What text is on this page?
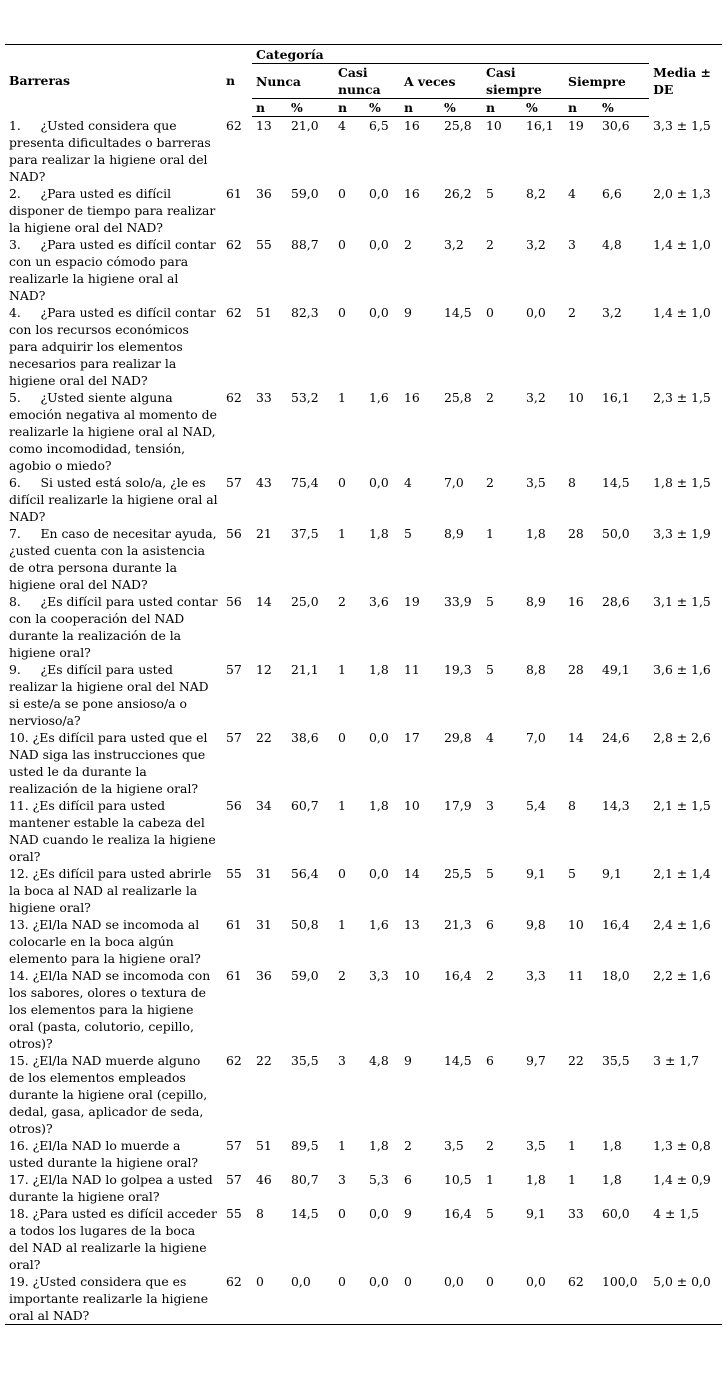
Barreras	n	Categoría										Media ± DE
		Nunca		Casi nunca		A veces		Casi siempre		Siempre		
		n	%	n	%	n	%	n	%	n	%	
1.     ¿Usted considera que presenta dificultades o barreras para realizar la higiene oral del NAD?	62	13	21,0	4	6,5	16	25,8	10	16,1	19	30,6	3,3 ± 1,5
2.     ¿Para usted es difícil disponer de tiempo para realizar la higiene oral del NAD?	61	36	59,0	0	0,0	16	26,2	5	8,2	4	6,6	2,0 ± 1,3
3.     ¿Para usted es difícil contar con un espacio cómodo para realizarle la higiene oral al NAD?	62	55	88,7	0	0,0	2	3,2	2	3,2	3	4,8	1,4 ± 1,0
4.     ¿Para usted es difícil contar con los recursos económicos para adquirir los elementos necesarios para realizar la higiene oral del NAD?	62	51	82,3	0	0,0	9	14,5	0	0,0	2	3,2	1,4 ± 1,0
5.     ¿Usted siente alguna emoción negativa al momento de realizarle la higiene oral al NAD, como incomodidad, tensión, agobio o miedo?	62	33	53,2	1	1,6	16	25,8	2	3,2	10	16,1	2,3 ± 1,5
6.     Si usted está solo/a, ¿le es difícil realizarle la higiene oral al NAD?	57	43	75,4	0	0,0	4	7,0	2	3,5	8	14,5	1,8 ± 1,5
7.     En caso de necesitar ayuda, ¿usted cuenta con la asistencia de otra persona durante la higiene oral del NAD?	56	21	37,5	1	1,8	5	8,9	1	1,8	28	50,0	3,3 ± 1,9
8.     ¿Es difícil para usted contar con la cooperación del NAD durante la realización de la higiene oral?	56	14	25,0	2	3,6	19	33,9	5	8,9	16	28,6	3,1 ± 1,5
9.     ¿Es difícil para usted realizar la higiene oral del NAD si este/a se pone ansioso/a o nervioso/a?	57	12	21,1	1	1,8	11	19,3	5	8,8	28	49,1	3,6 ± 1,6
10. ¿Es difícil para usted que el NAD siga las instrucciones que usted le da durante la realización de la higiene oral?	57	22	38,6	0	0,0	17	29,8	4	7,0	14	24,6	2,8 ± 2,6
11. ¿Es difícil para usted mantener estable la cabeza del NAD cuando le realiza la higiene oral?	56	34	60,7	1	1,8	10	17,9	3	5,4	8	14,3	2,1 ± 1,5
12. ¿Es difícil para usted abrirle la boca al NAD al realizarle la higiene oral?	55	31	56,4	0	0,0	14	25,5	5	9,1	5	9,1	2,1 ± 1,4
13. ¿El/la NAD se incomoda al colocarle en la boca algún elemento para la higiene oral?	61	31	50,8	1	1,6	13	21,3	6	9,8	10	16,4	2,4 ± 1,6
14. ¿El/la NAD se incomoda con los sabores, olores o textura de los elementos para la higiene oral (pasta, colutorio, cepillo, otros)?	61	36	59,0	2	3,3	10	16,4	2	3,3	11	18,0	2,2 ± 1,6
15. ¿El/la NAD muerde alguno de los elementos empleados durante la higiene oral (cepillo, dedal, gasa, aplicador de seda, otros)?	62	22	35,5	3	4,8	9	14,5	6	9,7	22	35,5	3 ± 1,7
16. ¿El/la NAD lo muerde a usted durante la higiene oral?	57	51	89,5	1	1,8	2	3,5	2	3,5	1	1,8	1,3 ± 0,8
17. ¿El/la NAD lo golpea a usted durante la higiene oral?	57	46	80,7	3	5,3	6	10,5	1	1,8	1	1,8	1,4 ± 0,9
18. ¿Para usted es difícil acceder a todos los lugares de la boca del NAD al realizarle la higiene oral?	55	8	14,5	0	0,0	9	16,4	5	9,1	33	60,0	4 ± 1,5
19. ¿Usted considera que es importante realizarle la higiene oral al NAD?	62	0	0,0	0	0,0	0	0,0	0	0,0	62	100,0	5,0 ± 0,0
